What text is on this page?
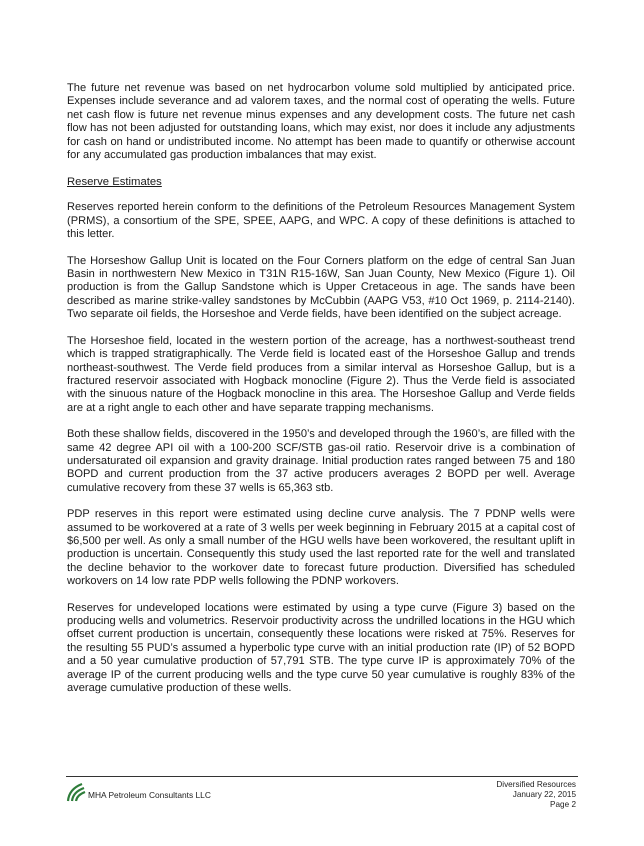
The future net revenue was based on net hydrocarbon volume sold multiplied by anticipated price. Expenses include severance and ad valorem taxes, and the normal cost of operating the wells. Future net cash flow is future net revenue minus expenses and any development costs. The future net cash flow has not been adjusted for outstanding loans, which may exist, nor does it include any adjustments for cash on hand or undistributed income. No attempt has been made to quantify or otherwise account for any accumulated gas production imbalances that may exist.

Reserve Estimates

Reserves reported herein conform to the definitions of the Petroleum Resources Management System (PRMS), a consortium of the SPE, SPEE, AAPG, and WPC. A copy of these definitions is attached to this letter.

The Horseshow Gallup Unit is located on the Four Corners platform on the edge of central San Juan Basin in northwestern New Mexico in T31N R15-16W, San Juan County, New Mexico (Figure 1). Oil production is from the Gallup Sandstone which is Upper Cretaceous in age. The sands have been described as marine strike-valley sandstones by McCubbin (AAPG V53, #10 Oct 1969, p. 2114-2140). Two separate oil fields, the Horseshoe and Verde fields, have been identified on the subject acreage.

The Horseshoe field, located in the western portion of the acreage, has a northwest-southeast trend which is trapped stratigraphically. The Verde field is located east of the Horseshoe Gallup and trends northeast-southwest. The Verde field produces from a similar interval as Horseshoe Gallup, but is a fractured reservoir associated with Hogback monocline (Figure 2). Thus the Verde field is associated with the sinuous nature of the Hogback monocline in this area. The Horseshoe Gallup and Verde fields are at a right angle to each other and have separate trapping mechanisms.

Both these shallow fields, discovered in the 1950’s and developed through the 1960’s, are filled with the same 42 degree API oil with a 100-200 SCF/STB gas-oil ratio. Reservoir drive is a combination of undersaturated oil expansion and gravity drainage. Initial production rates ranged between 75 and 180 BOPD and current production from the 37 active producers averages 2 BOPD per well. Average cumulative recovery from these 37 wells is 65,363 stb.

PDP reserves in this report were estimated using decline curve analysis. The 7 PDNP wells were assumed to be workovered at a rate of 3 wells per week beginning in February 2015 at a capital cost of $6,500 per well. As only a small number of the HGU wells have been workovered, the resultant uplift in production is uncertain. Consequently this study used the last reported rate for the well and translated the decline behavior to the workover date to forecast future production. Diversified has scheduled workovers on 14 low rate PDP wells following the PDNP workovers.

Reserves for undeveloped locations were estimated by using a type curve (Figure 3) based on the producing wells and volumetrics. Reservoir productivity across the undrilled locations in the HGU which offset current production is uncertain, consequently these locations were risked at 75%. Reserves for the resulting 55 PUD’s assumed a hyperbolic type curve with an initial production rate (IP) of 52 BOPD and a 50 year cumulative production of 57,791 STB. The type curve IP is approximately 70% of the average IP of the current producing wells and the type curve 50 year cumulative is roughly 83% of the average cumulative production of these wells.

MHA Petroleum Consultants LLC
Diversified Resources
January 22, 2015
Page 2
